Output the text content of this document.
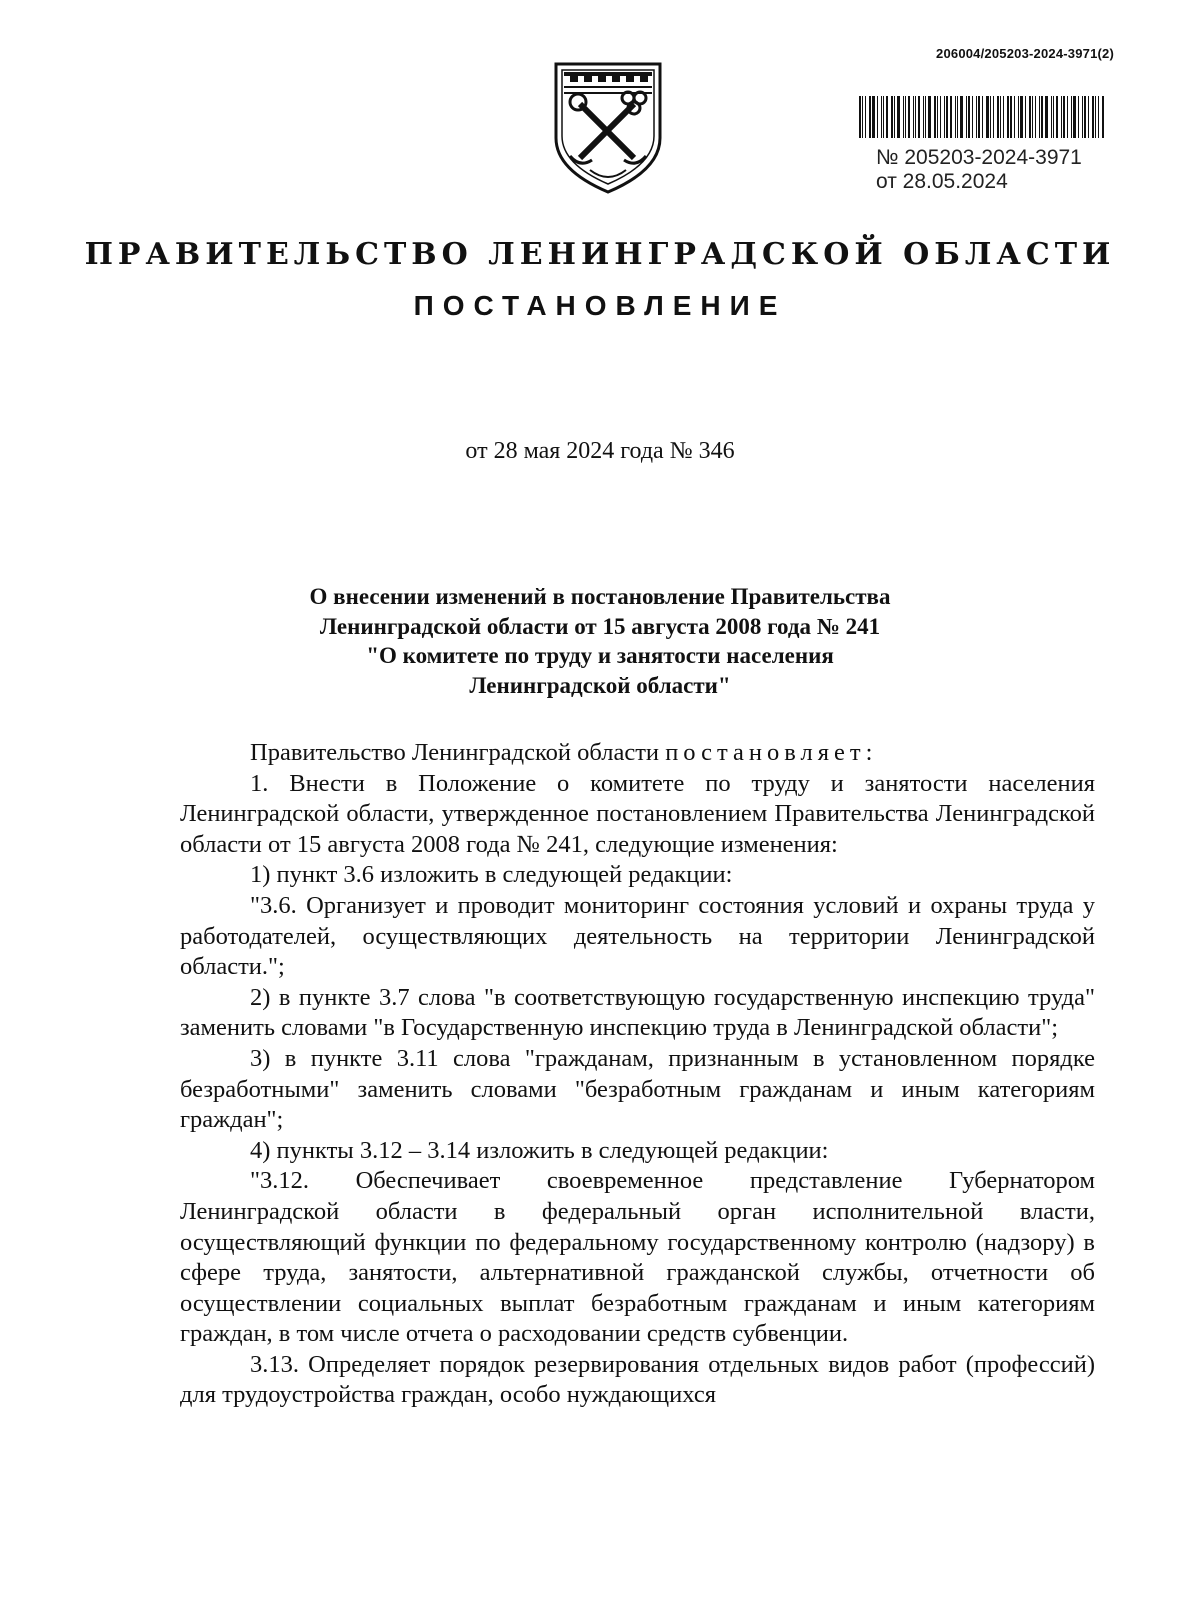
206004/205203-2024-3971(2)
№ 205203-2024-3971
от 28.05.2024
ПРАВИТЕЛЬСТВО ЛЕНИНГРАДСКОЙ ОБЛАСТИ
ПОСТАНОВЛЕНИЕ
от 28 мая 2024 года № 346
О внесении изменений в постановление Правительства
Ленинградской области от 15 августа 2008 года № 241
"О комитете по труду и занятости населения
Ленинградской области"

Правительство Ленинградской области постановляет:

1. Внести в Положение о комитете по труду и занятости населения Ленинградской области, утвержденное постановлением Правительства Ленинградской области от 15 августа 2008 года № 241, следующие изменения:

1) пункт 3.6 изложить в следующей редакции:

"3.6. Организует и проводит мониторинг состояния условий и охраны труда у работодателей, осуществляющих деятельность на территории Ленинградской области.";

2) в пункте 3.7 слова "в соответствующую государственную инспекцию труда" заменить словами "в Государственную инспекцию труда в Ленинградской области";

3) в пункте 3.11 слова "гражданам, признанным в установленном порядке безработными" заменить словами "безработным гражданам и иным категориям граждан";

4) пункты 3.12 – 3.14 изложить в следующей редакции:

"3.12. Обеспечивает своевременное представление Губернатором Ленинградской области в федеральный орган исполнительной власти, осуществляющий функции по федеральному государственному контролю (надзору) в сфере труда, занятости, альтернативной гражданской службы, отчетности об осуществлении социальных выплат безработным гражданам и иным категориям граждан, в том числе отчета о расходовании средств субвенции.

3.13. Определяет порядок резервирования отдельных видов работ (профессий) для трудоустройства граждан, особо нуждающихся
